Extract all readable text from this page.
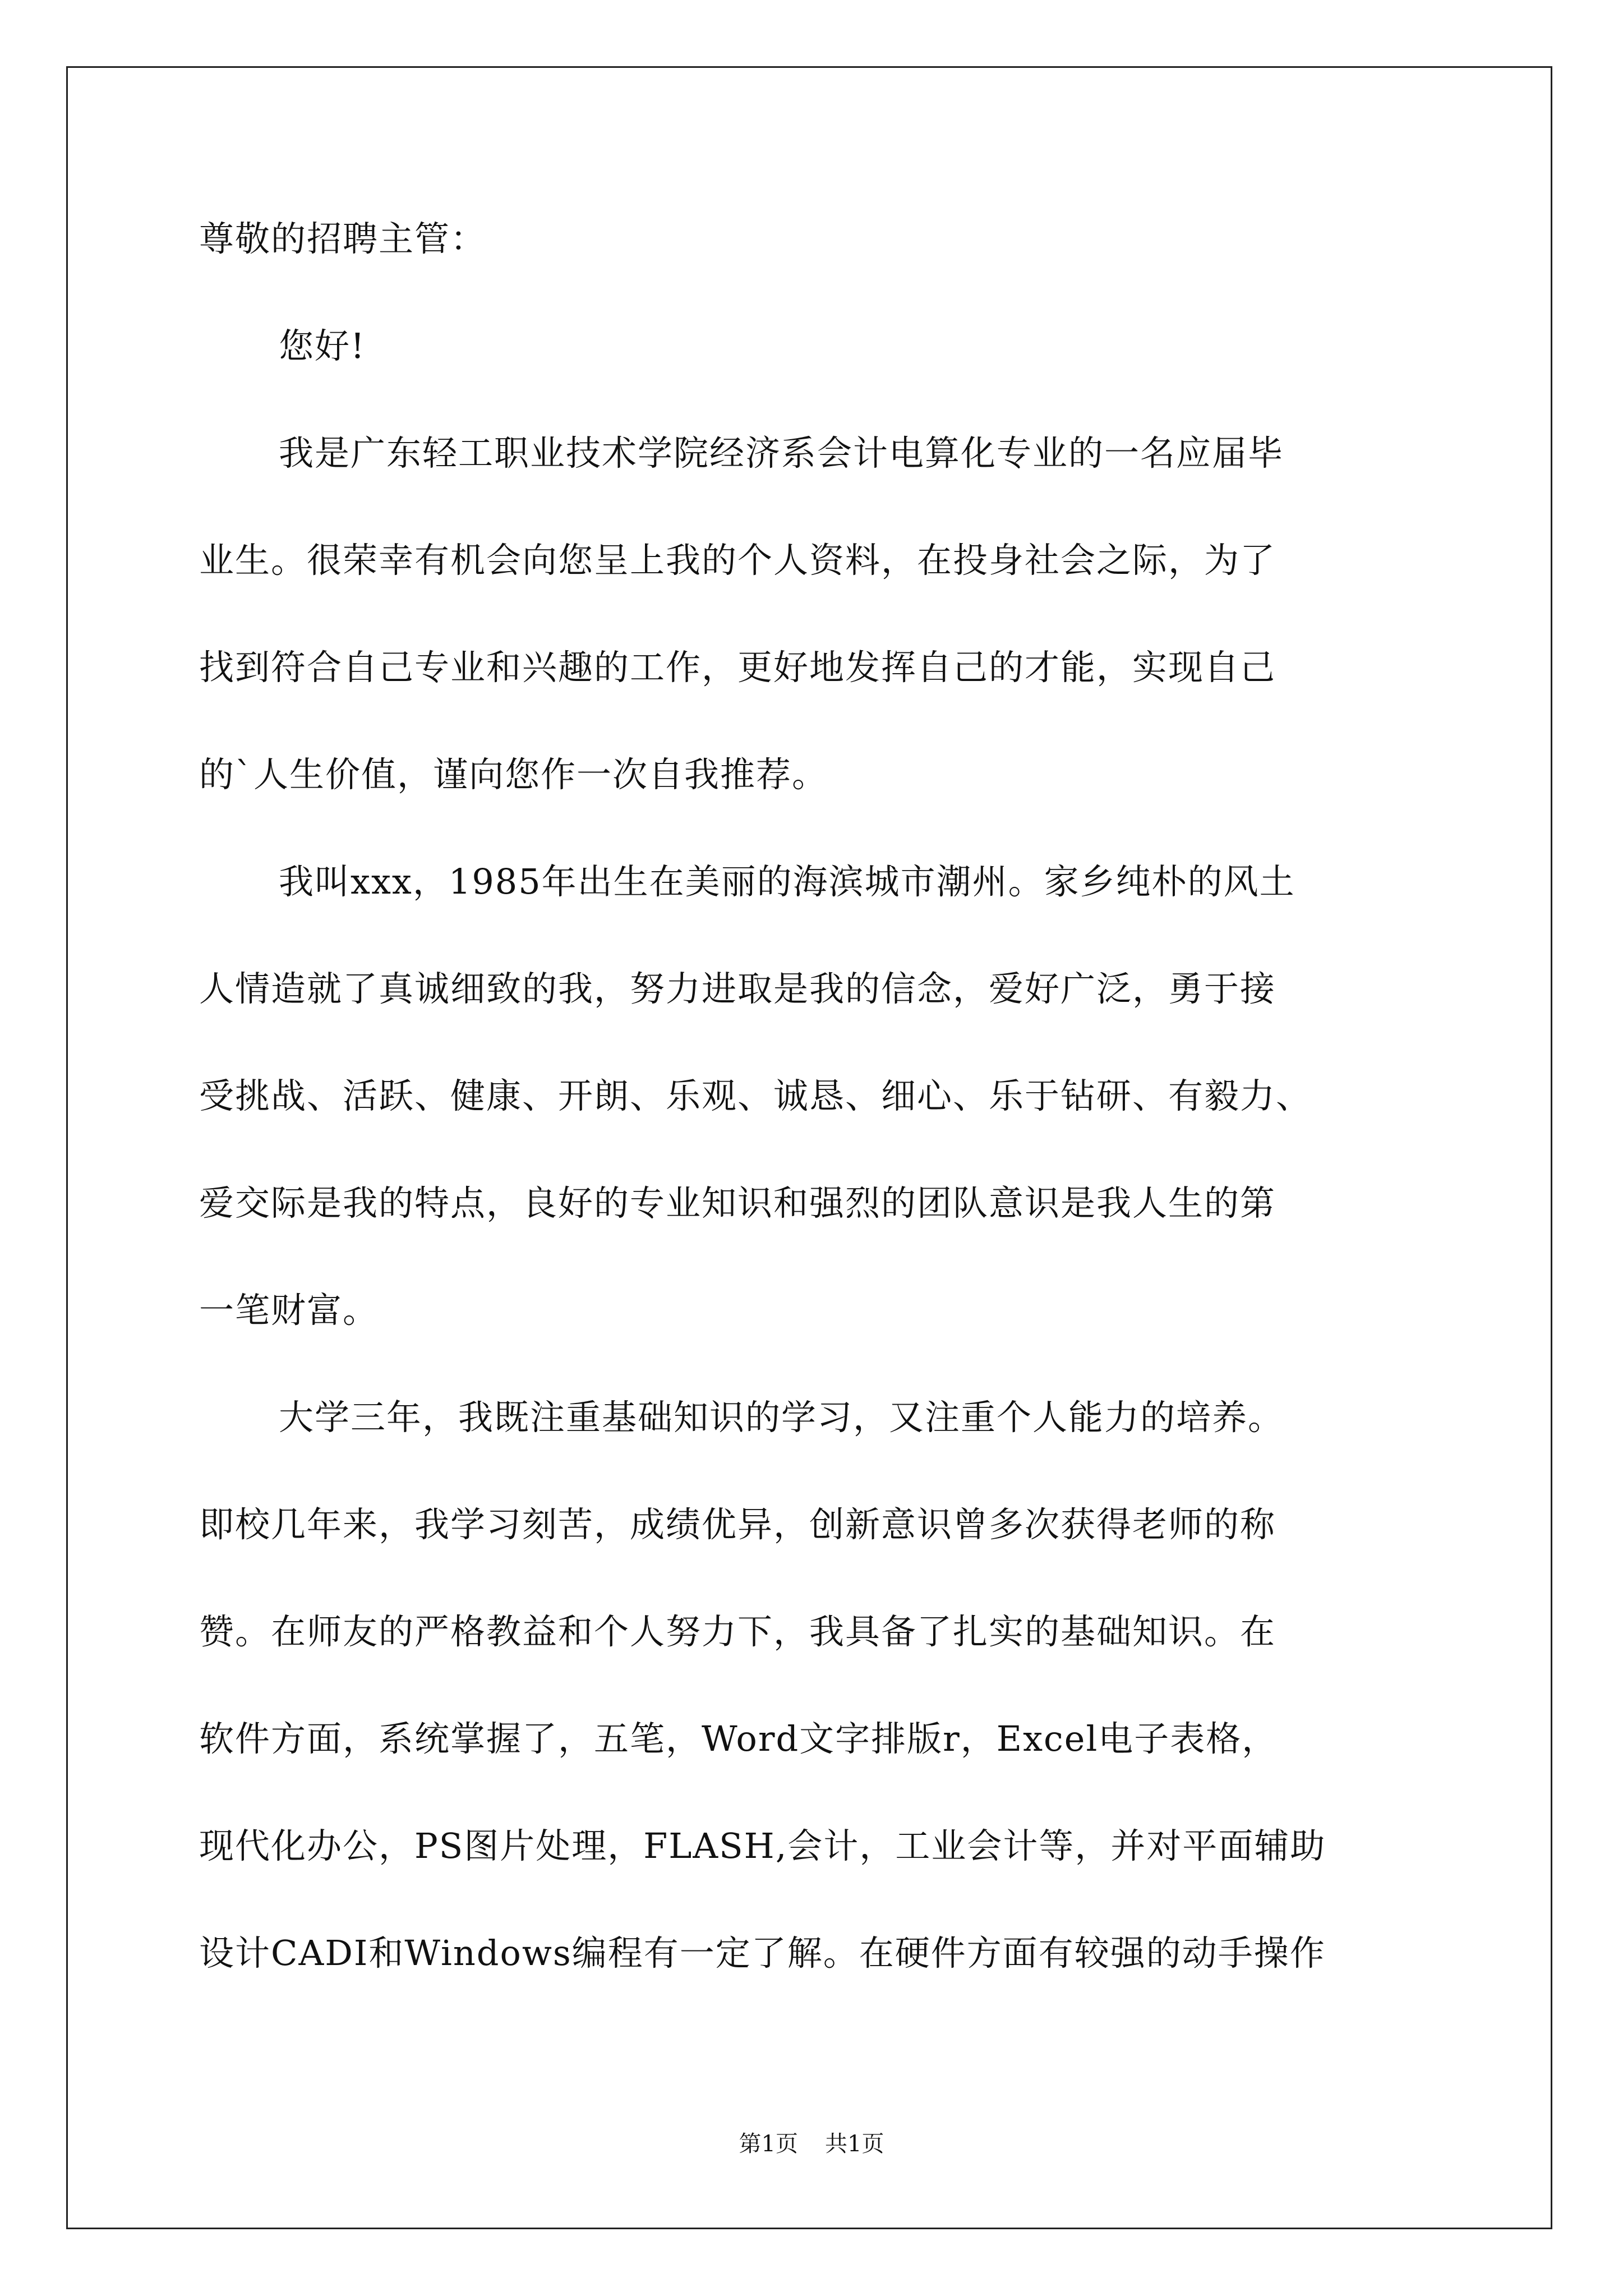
尊敬的招聘主管：
您好!
我是广东轻工职业技术学院经济系会计电算化专业的一名应届毕
业生。很荣幸有机会向您呈上我的个人资料，在投身社会之际，为了
找到符合自己专业和兴趣的工作，更好地发挥自己的才能，实现自己
的`人生价值，谨向您作一次自我推荐。
我叫xxx，1985年出生在美丽的海滨城市潮州。家乡纯朴的风土
人情造就了真诚细致的我，努力进取是我的信念，爱好广泛，勇于接
受挑战、活跃、健康、开朗、乐观、诚恳、细心、乐于钻研、有毅力、
爱交际是我的特点，良好的专业知识和强烈的团队意识是我人生的第
一笔财富。
大学三年，我既注重基础知识的学习，又注重个人能力的培养。
即校几年来，我学习刻苦，成绩优异，创新意识曾多次获得老师的称
赞。在师友的严格教益和个人努力下，我具备了扎实的基础知识。在
软件方面，系统掌握了，五笔，Word文字排版r，Excel电子表格，
现代化办公，PS图片处理，FLASH,会计，工业会计等，并对平面辅助
设计CADI和Windows编程有一定了解。在硬件方面有较强的动手操作
第1页 共1页
